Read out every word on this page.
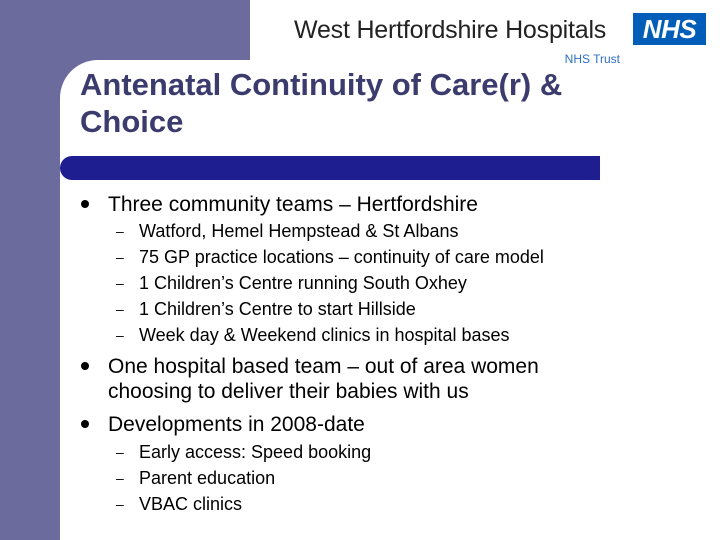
West Hertfordshire Hospitals
NHS Trust
NHS
Antenatal Continuity of Care(r) & Choice
Three community teams – Hertfordshire
– Watford, Hemel Hempstead & St Albans
– 75 GP practice locations – continuity of care model
– 1 Children’s Centre running South Oxhey
– 1 Children’s Centre to start Hillside
– Week day & Weekend clinics in hospital bases
One hospital based team – out of area women choosing to deliver their babies with us
Developments in 2008-date
– Early access: Speed booking
– Parent education
– VBAC clinics
